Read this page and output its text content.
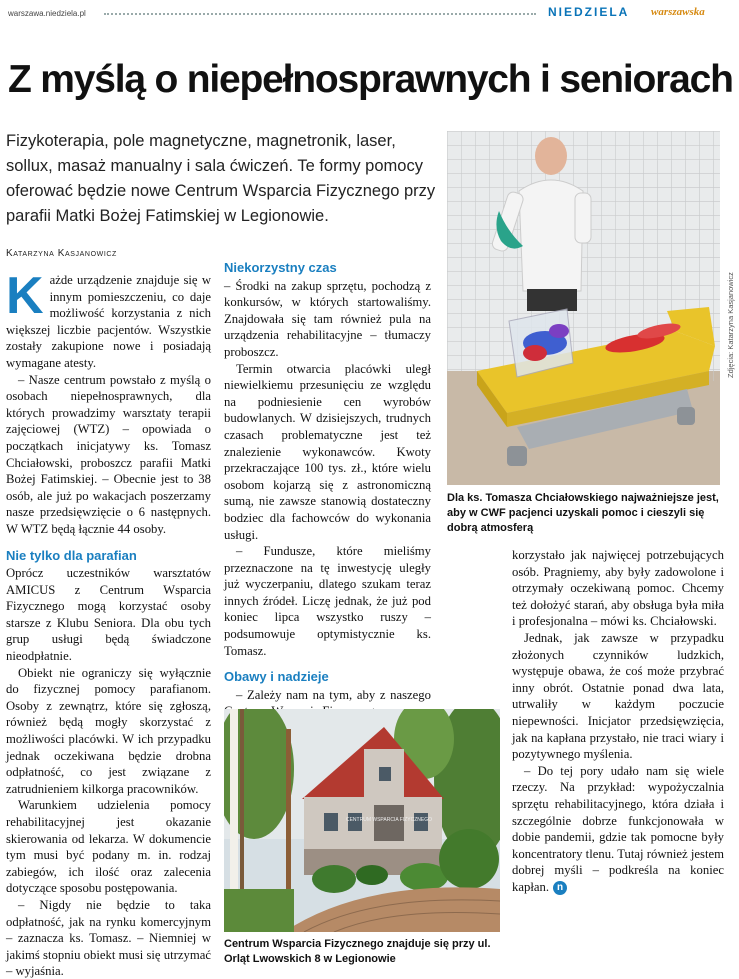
warszawa.niedziela.pl	NIEDZIELA warszawska
Z myślą o niepełnosprawnych i seniorach
Fizykoterapia, pole magnetyczne, magnetronik, laser, sollux, masaż manualny i sala ćwiczeń. Te formy pomocy oferować będzie nowe Centrum Wsparcia Fizycznego przy parafii Matki Bożej Fatimskiej w Legionowie.
Katarzyna Kasjanowicz

Każde urządzenie znajduje się w innym pomieszczeniu, co daje możliwość korzystania z nich większej liczbie pacjentów. Wszystkie zostały zakupione nowe i posiadają wymagane atesty.

– Nasze centrum powstało z myślą o osobach niepełnosprawnych, dla których prowadzimy warsztaty terapii zajęciowej (WTZ) – opowiada o początkach inicjatywy ks. Tomasz Chciałowski, proboszcz parafii Matki Bożej Fatimskiej. – Obecnie jest to 38 osób, ale już po wakacjach poszerzamy nasze przedsięwzięcie o 6 następnych. W WTZ będą łącznie 44 osoby.

Nie tylko dla parafian

Oprócz uczestników warsztatów AMICUS z Centrum Wsparcia Fizycznego mogą korzystać osoby starsze z Klubu Seniora. Dla obu tych grup usługi będą świadczone nieodpłatnie.

Obiekt nie ograniczy się wyłącznie do fizycznej pomocy parafianom. Osoby z zewnątrz, które się zgłoszą, również będą mogły skorzystać z możliwości placówki. W ich przypadku jednak oczekiwana będzie drobna odpłatność, co jest związane z zatrudnieniem kilkorga pracowników.

Warunkiem udzielenia pomocy rehabilitacyjnej jest okazanie skierowania od lekarza. W dokumencie tym musi być podany m. in. rodzaj zabiegów, ich ilość oraz zalecenia dotyczące sposobu postępowania.

– Nigdy nie będzie to taka odpłatność, jak na rynku komercyjnym – zaznacza ks. Tomasz. – Niemniej w jakimś stopniu obiekt musi się utrzymać – wyjaśnia.

Niekorzystny czas

– Środki na zakup sprzętu, pochodzą z konkursów, w których startowaliśmy. Znajdowała się tam również pula na urządzenia rehabilitacyjne – tłumaczy proboszcz.

Termin otwarcia placówki uległ niewielkiemu przesunięciu ze względu na podniesienie cen wyrobów budowlanych. W dzisiejszych, trudnych czasach problematyczne jest też znalezienie wykonawców. Kwoty przekraczające 100 tys. zł., które wielu osobom kojarzą się z astronomiczną sumą, nie zawsze stanowią dostateczny bodziec dla fachowców do wykonania usługi.

– Fundusze, które mieliśmy przeznaczone na tę inwestycję uległy już wyczerpaniu, dlatego szukam teraz innych źródeł. Liczę jednak, że już pod koniec lipca wszystko ruszy – podsumowuje optymistycznie ks. Tomasz.

Obawy i nadzieje

– Zależy nam na tym, aby z naszego

korzystało jak najwięcej potrzebujących osób. Pragniemy, aby były zadowolone i otrzymały oczekiwaną pomoc. Chcemy też dołożyć starań, aby obsługa była miła i profesjonalna – mówi ks. Chciałowski.

Jednak, jak zawsze w przypadku złożonych czynników ludzkich, występuje obawa, że coś może przybrać inny obrót. Ostatnie ponad dwa lata, utrwaliły w każdym poczucie niepewności. Inicjator przedsięwzięcia, jak na kapłana przystało, nie traci wiary i pozytywnego myślenia.

– Do tej pory udało nam się wiele rzeczy. Na przykład: wypożyczalnia sprzętu rehabilitacyjnego, która działa i szczególnie dobrze funkcjonowała w dobie pandemii, gdzie tak pomocne były koncentratory tlenu. Tutaj również jestem dobrej myśli – podkreśla na koniec kapłan. n

Zdjęcia: Katarzyna Kasjanowicz
Dla ks. Tomasza Chciałowskiego najważniejsze jest, aby w CWF pacjenci uzyskali pomoc i cieszyli się dobrą atmosferą
CENTRUM WSPARCIA FIZYCZNEGO
Centrum Wsparcia Fizycznego znajduje się przy ul. Orląt Lwowskich 8 w Legionowie
